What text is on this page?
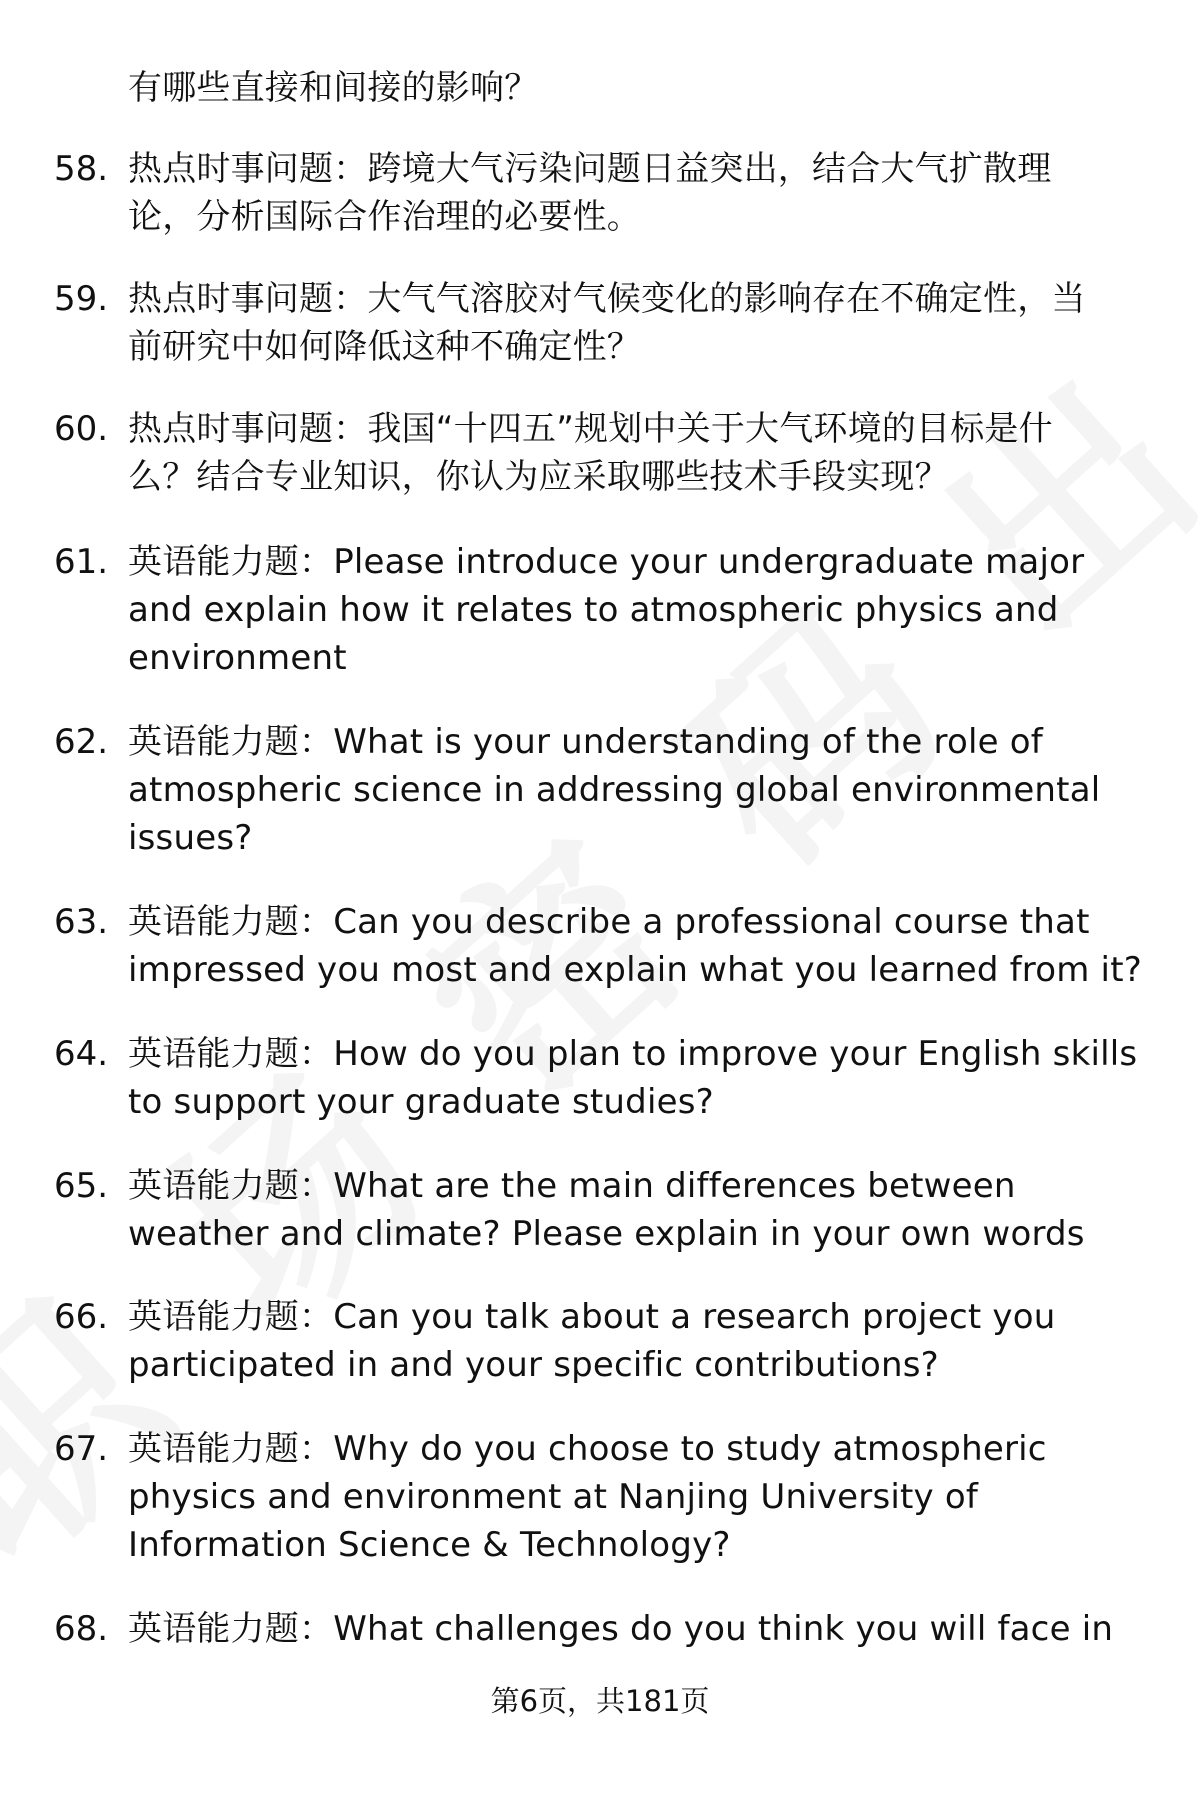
有哪些直接和间接的影响？
58. 热点时事问题：跨境大气污染问题日益突出，结合大气扩散理
论，分析国际合作治理的必要性。
59. 热点时事问题：大气气溶胶对气候变化的影响存在不确定性，当
前研究中如何降低这种不确定性？
60. 热点时事问题：我国“十四五”规划中关于大气环境的目标是什
么？结合专业知识，你认为应采取哪些技术手段实现？
61. 英语能力题：Please introduce your undergraduate major
and explain how it relates to atmospheric physics and
environment
62. 英语能力题：What is your understanding of the role of
atmospheric science in addressing global environmental
issues?
63. 英语能力题：Can you describe a professional course that
impressed you most and explain what you learned from it?
64. 英语能力题：How do you plan to improve your English skills
to support your graduate studies?
65. 英语能力题：What are the main differences between
weather and climate? Please explain in your own words
66. 英语能力题：Can you talk about a research project you
participated in and your specific contributions?
67. 英语能力题：Why do you choose to study atmospheric
physics and environment at Nanjing University of
Information Science & Technology?
68. 英语能力题：What challenges do you think you will face in
第6页，共181页
